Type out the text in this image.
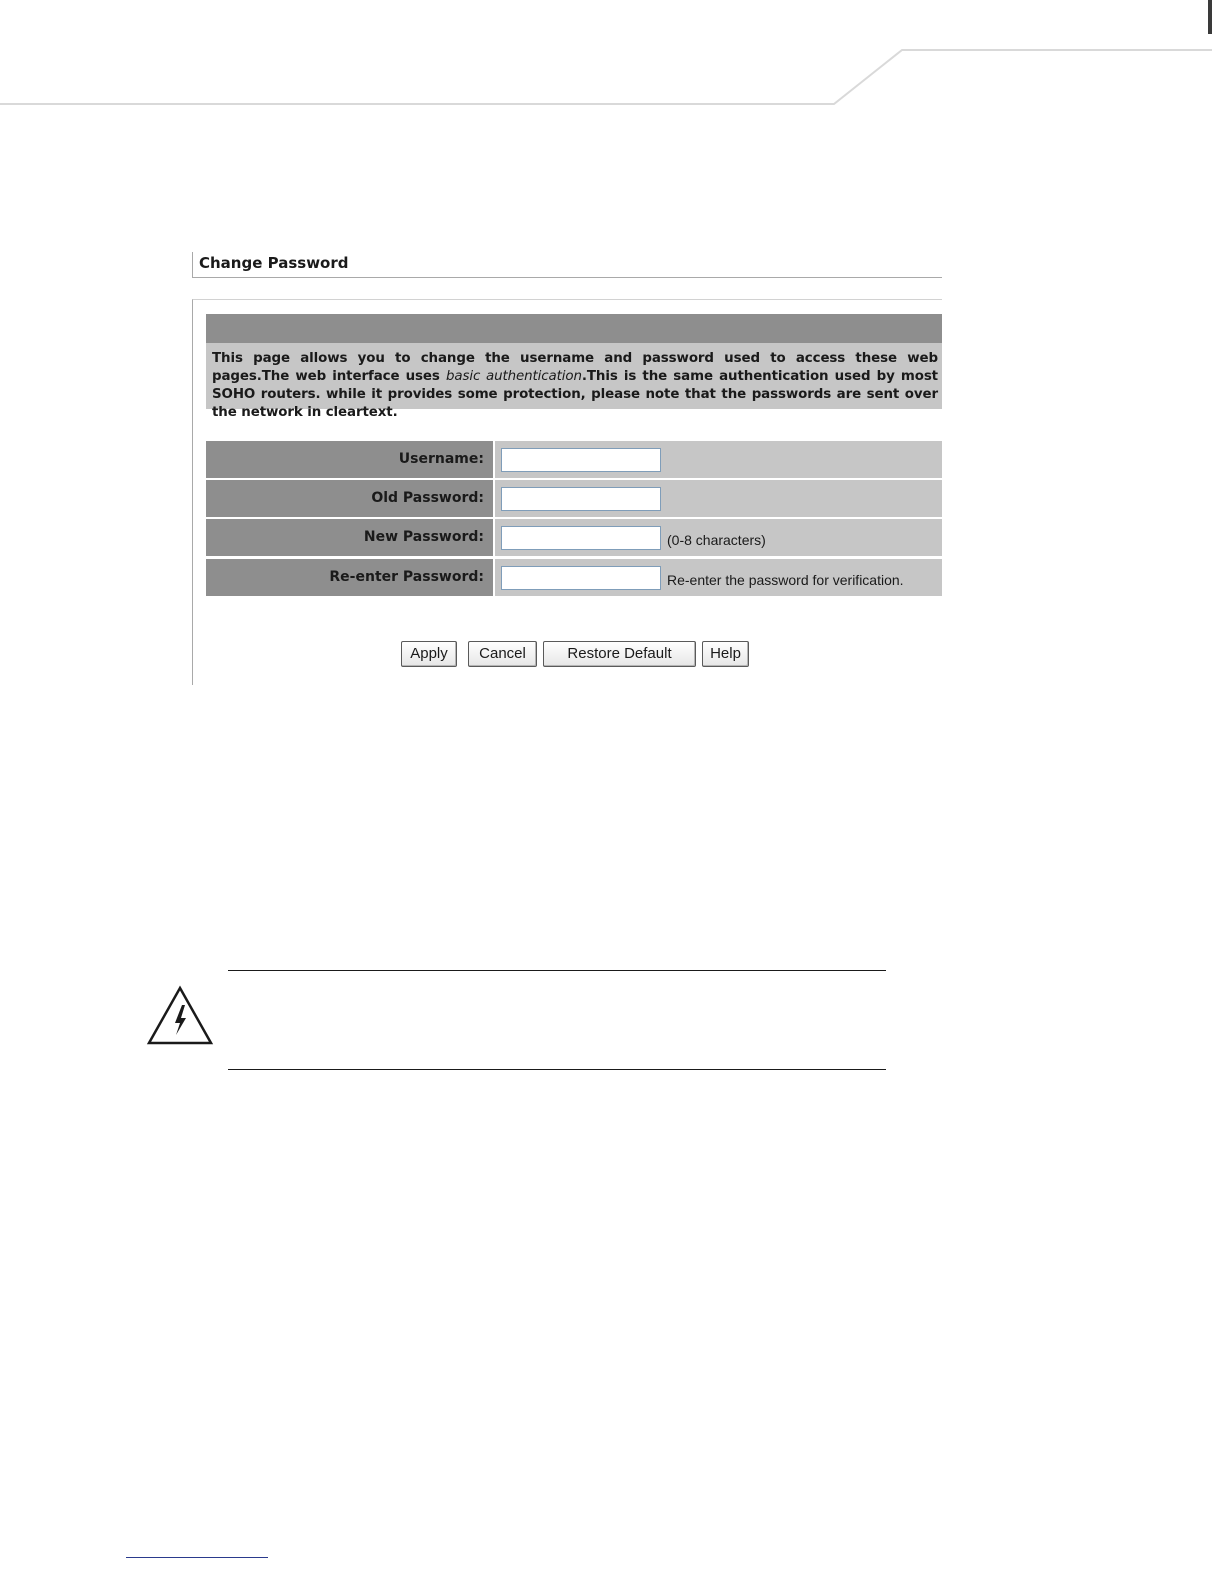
Change Password
This page allows you to change the username and password used to access these web pages.The web interface uses basic authentication.This is the same authentication used by most SOHO routers. while it provides some protection, please note that the passwords are sent over the network in cleartext.
Username:
Old Password:
New Password:	(0-8 characters)
Re-enter Password:	Re-enter the password for verification.
Apply	Cancel	Restore Default	Help
